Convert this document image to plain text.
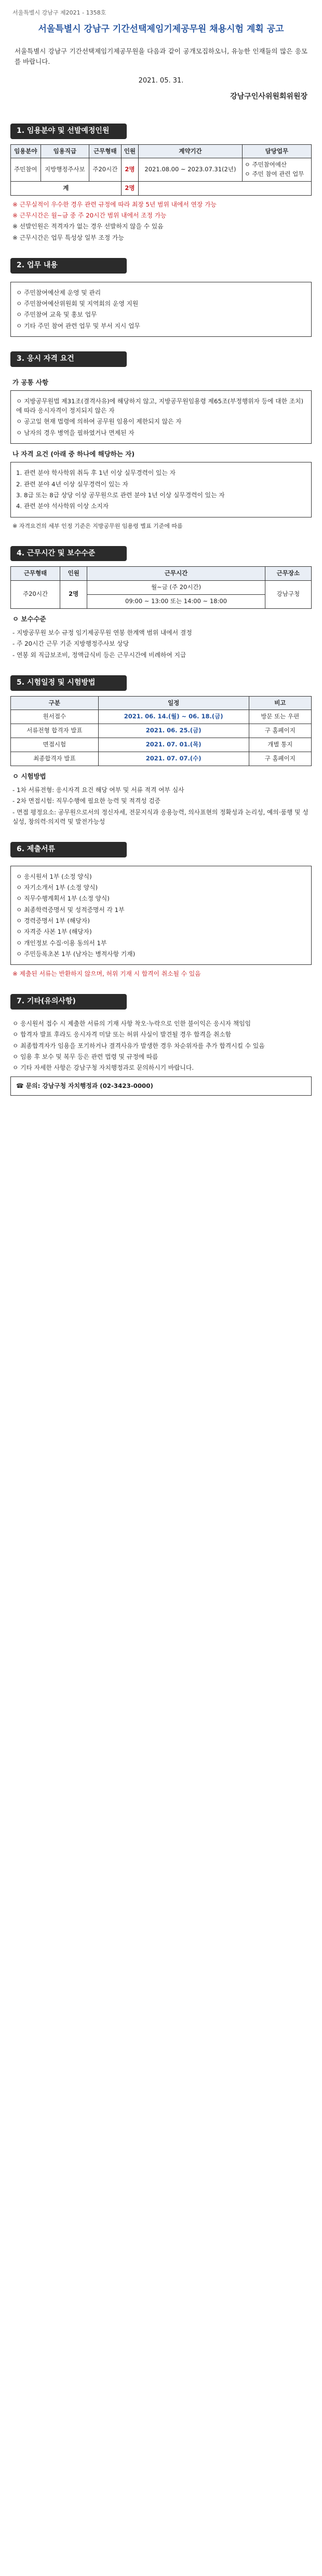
서울특별시 강남구 제2021 - 1358호
서울특별시 강남구 기간선택제임기제공무원 채용시험 계획 공고
서울특별시 강남구 기간선택제임기제공무원을 다음과 같이 공개모집하오니, 유능한 인재들의 많은 응모를 바랍니다.
2021. 05. 31.
강남구인사위원회위원장
1. 임용분야 및 선발예정인원
임용분야	임용직급	근무형태	인원	계약기간	담당업무
주민참여	지방행정주사보	주20시간	2명	2021.08.00 ~ 2023.07.31(2년)	ㅇ 주민참여예산
ㅇ 주민 참여 관련 업무

계			2명		

※ 근무실적이 우수한 경우 관련 규정에 따라 최장 5년 범위 내에서 연장 가능

※ 근무시간은 월~금 중 주 20시간 범위 내에서 조정 가능

※ 선발인원은 적격자가 없는 경우 선발하지 않을 수 있음

※ 근무시간은 업무 특성상 일부 조정 가능

2. 업무 내용

ㅇ 주민참여예산제 운영 및 관리

ㅇ 주민참여예산위원회 및 지역회의 운영 지원

ㅇ 주민참여 교육 및 홍보 업무

ㅇ 기타 주민 참여 관련 업무 및 부서 지시 업무

3. 응시 자격 요건
가 공통 사항

ㅇ 지방공무원법 제31조(결격사유)에 해당하지 않고, 지방공무원임용령 제65조(부정행위자 등에 대한 조치)에 따라 응시자격이 정지되지 않은 자

ㅇ 공고일 현재 법령에 의하여 공무원 임용이 제한되지 않은 자

ㅇ 남자의 경우 병역을 필하였거나 면제된 자

나 자격 요건 (아래 중 하나에 해당하는 자)

1. 관련 분야 학사학위 취득 후 1년 이상 실무경력이 있는 자

2. 관련 분야 4년 이상 실무경력이 있는 자

3. 8급 또는 8급 상당 이상 공무원으로 관련 분야 1년 이상 실무경력이 있는 자

4. 관련 분야 석사학위 이상 소지자

※ 자격요건의 세부 인정 기준은 지방공무원 임용령 별표 기준에 따름
4. 근무시간 및 보수수준
근무형태	인원	근무시간	근무장소
주20시간	2명	월~금 (주 20시간)	강남구청
		09:00 ~ 13:00 또는 14:00 ~ 18:00	
ㅇ 보수수준

- 지방공무원 보수 규정 임기제공무원 연봉 한계액 범위 내에서 결정

- 주 20시간 근무 기준 지방행정주사보 상당

- 연봉 외 직급보조비, 정액급식비 등은 근무시간에 비례하여 지급

5. 시험일정 및 시험방법
구분	일정	비고
원서접수	2021. 06. 14.(월) ~ 06. 18.(금)	방문 또는 우편
서류전형 합격자 발표	2021. 06. 25.(금)	구 홈페이지
면접시험	2021. 07. 01.(목)	개별 통지
최종합격자 발표	2021. 07. 07.(수)	구 홈페이지
ㅇ 시험방법

- 1차 서류전형: 응시자격 요건 해당 여부 및 서류 적격 여부 심사

- 2차 면접시험: 직무수행에 필요한 능력 및 적격성 검증

- 면접 평정요소: 공무원으로서의 정신자세, 전문지식과 응용능력, 의사표현의 정확성과 논리성, 예의·품행 및 성실성, 창의력·의지력 및 발전가능성

6. 제출서류

ㅇ 응시원서 1부 (소정 양식)

ㅇ 자기소개서 1부 (소정 양식)

ㅇ 직무수행계획서 1부 (소정 양식)

ㅇ 최종학력증명서 및 성적증명서 각 1부

ㅇ 경력증명서 1부 (해당자)

ㅇ 자격증 사본 1부 (해당자)

ㅇ 개인정보 수집·이용 동의서 1부

ㅇ 주민등록초본 1부 (남자는 병적사항 기재)

※ 제출된 서류는 반환하지 않으며, 허위 기재 시 합격이 취소될 수 있음
7. 기타(유의사항)

ㅇ 응시원서 접수 시 제출한 서류의 기재 사항 착오·누락으로 인한 불이익은 응시자 책임임

ㅇ 합격자 발표 후라도 응시자격 미달 또는 허위 사실이 발견될 경우 합격을 취소함

ㅇ 최종합격자가 임용을 포기하거나 결격사유가 발생한 경우 차순위자를 추가 합격시킬 수 있음

ㅇ 임용 후 보수 및 복무 등은 관련 법령 및 규정에 따름

ㅇ 기타 자세한 사항은 강남구청 자치행정과로 문의하시기 바랍니다.

☎ 문의: 강남구청 자치행정과 (02-3423-0000)
